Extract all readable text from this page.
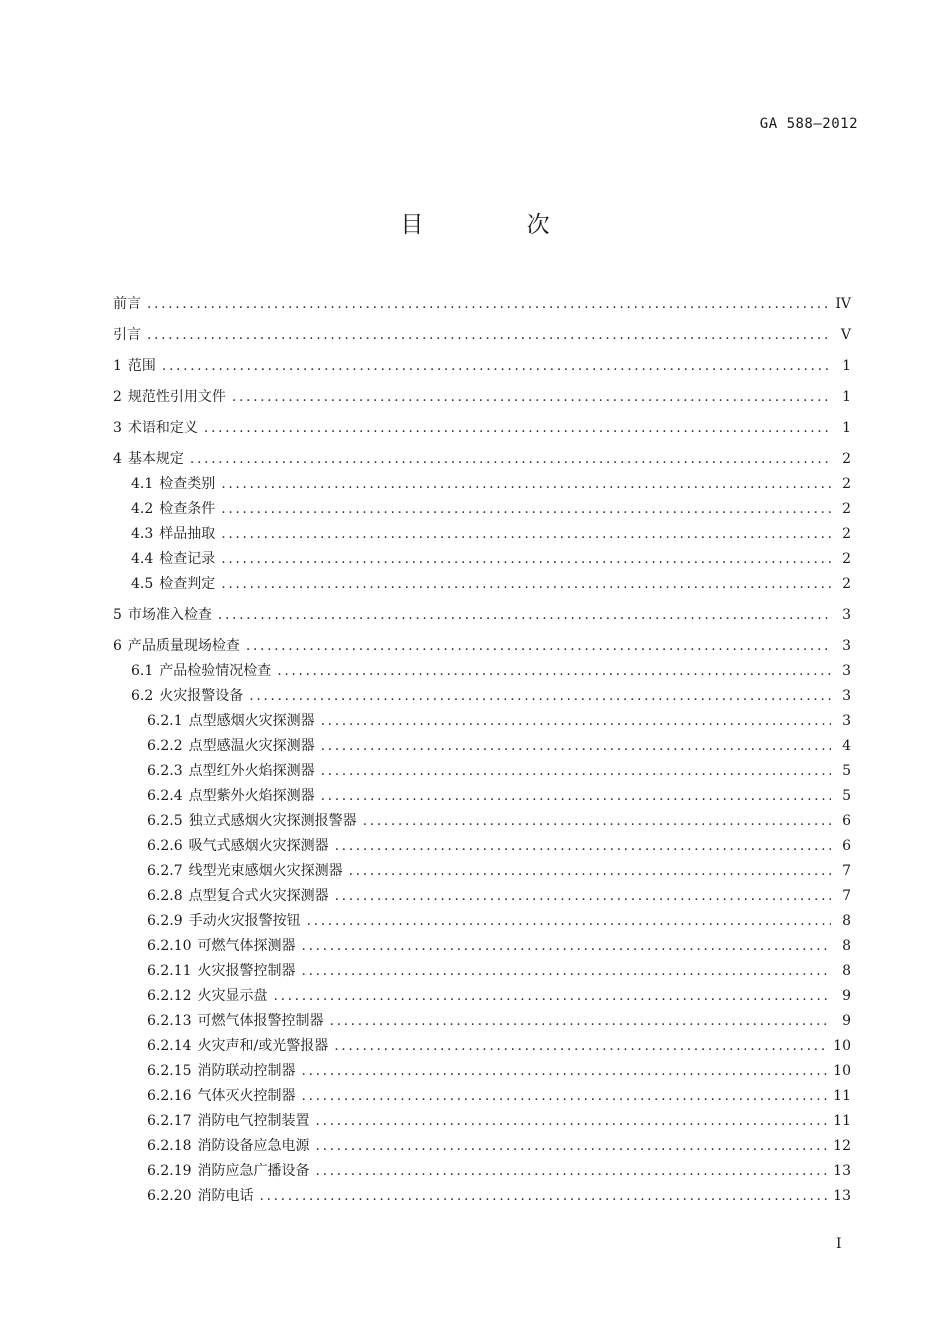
GA 588—2012
目 次
前言 .....	IV
引言 .....	V
1 范围 .....	1
2 规范性引用文件 .....	1
3 术语和定义 .....	1
4 基本规定 .....	2
4.1 检查类别 .....	2
4.2 检查条件 .....	2
4.3 样品抽取 .....	2
4.4 检查记录 .....	2
4.5 检查判定 .....	2
5 市场准入检查 .....	3
6 产品质量现场检查 .....	3
6.1 产品检验情况检查 .....	3
6.2 火灾报警设备 .....	3
6.2.1 点型感烟火灾探测器 .....	3
6.2.2 点型感温火灾探测器 .....	4
6.2.3 点型红外火焰探测器 .....	5
6.2.4 点型紫外火焰探测器 .....	5
6.2.5 独立式感烟火灾探测报警器 .....	6
6.2.6 吸气式感烟火灾探测器 .....	6
6.2.7 线型光束感烟火灾探测器 .....	7
6.2.8 点型复合式火灾探测器 .....	7
6.2.9 手动火灾报警按钮 .....	8
6.2.10 可燃气体探测器 .....	8
6.2.11 火灾报警控制器 .....	8
6.2.12 火灾显示盘 .....	9
6.2.13 可燃气体报警控制器 .....	9
6.2.14 火灾声和/或光警报器 .....	10
6.2.15 消防联动控制器 .....	10
6.2.16 气体灭火控制器 .....	11
6.2.17 消防电气控制装置 .....	11
6.2.18 消防设备应急电源 .....	12
6.2.19 消防应急广播设备 .....	13
6.2.20 消防电话 .....	13
I
